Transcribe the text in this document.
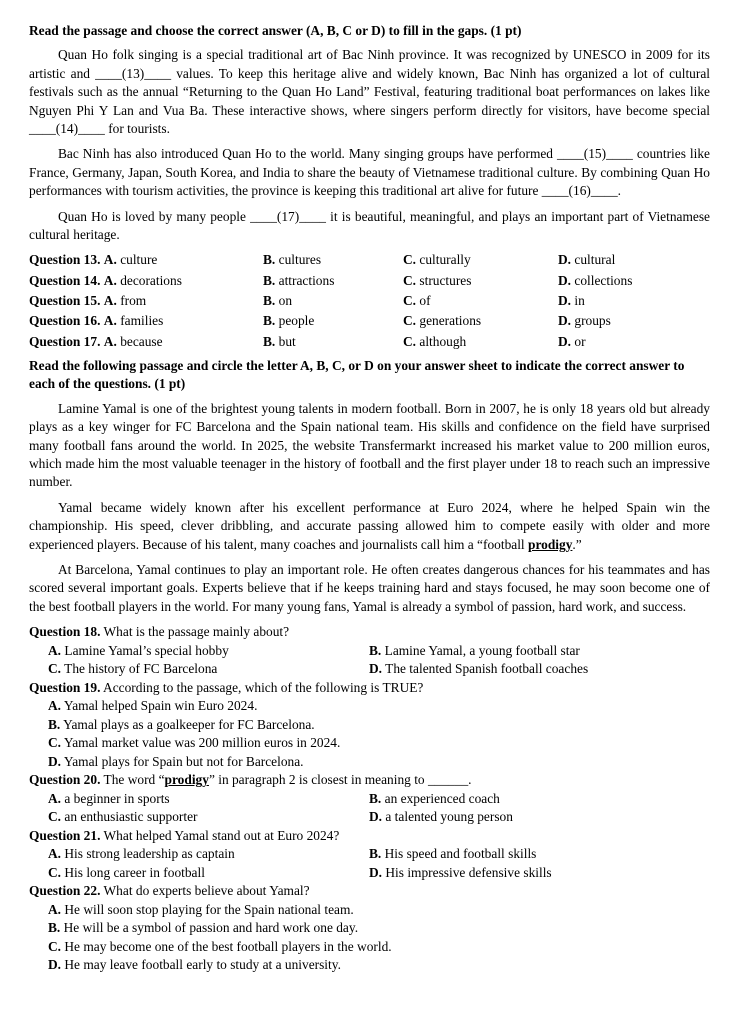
Read the passage and choose the correct answer (A, B, C or D) to fill in the gaps. (1 pt)

Quan Ho folk singing is a special traditional art of Bac Ninh province. It was recognized by UNESCO in 2009 for its artistic and ____(13)____ values. To keep this heritage alive and widely known, Bac Ninh has organized a lot of cultural festivals such as the annual “Returning to the Quan Ho Land” Festival, featuring traditional boat performances on lakes like Nguyen Phi Y Lan and Vua Ba. These interactive shows, where singers perform directly for visitors, have become special ____(14)____ for tourists.

Bac Ninh has also introduced Quan Ho to the world. Many singing groups have performed ____(15)____ countries like France, Germany, Japan, South Korea, and India to share the beauty of Vietnamese traditional culture. By combining Quan Ho performances with tourism activities, the province is keeping this traditional art alive for future ____(16)____.

Quan Ho is loved by many people ____(17)____ it is beautiful, meaningful, and plays an important part of Vietnamese cultural heritage.

Question 13. A. culture	B. cultures	C. culturally	D. cultural
Question 14. A. decorations	B. attractions	C. structures	D. collections
Question 15. A. from	B. on	C. of	D. in
Question 16. A. families	B. people	C. generations	D. groups
Question 17. A. because	B. but	C. although	D. or
Read the following passage and circle the letter A, B, C, or D on your answer sheet to indicate the correct answer to each of the questions. (1 pt)

Lamine Yamal is one of the brightest young talents in modern football. Born in 2007, he is only 18 years old but already plays as a key winger for FC Barcelona and the Spain national team. His skills and confidence on the field have surprised many football fans around the world. In 2025, the website Transfermarkt increased his market value to 200 million euros, which made him the most valuable teenager in the history of football and the first player under 18 to reach such an impressive number.

Yamal became widely known after his excellent performance at Euro 2024, where he helped Spain win the championship. His speed, clever dribbling, and accurate passing allowed him to compete easily with older and more experienced players. Because of his talent, many coaches and journalists call him a “football prodigy.”

At Barcelona, Yamal continues to play an important role. He often creates dangerous chances for his teammates and has scored several important goals. Experts believe that if he keeps training hard and stays focused, he may soon become one of the best football players in the world. For many young fans, Yamal is already a symbol of passion, hard work, and success.

Question 18. What is the passage mainly about?
A. Lamine Yamal’s special hobby	B. Lamine Yamal, a young football star
C. The history of FC Barcelona	D. The talented Spanish football coaches
Question 19. According to the passage, which of the following is TRUE?
A. Yamal helped Spain win Euro 2024.
B. Yamal plays as a goalkeeper for FC Barcelona.
C. Yamal market value was 200 million euros in 2024.
D. Yamal plays for Spain but not for Barcelona.
Question 20. The word “prodigy” in paragraph 2 is closest in meaning to ______.
A. a beginner in sports	B. an experienced coach
C. an enthusiastic supporter	D. a talented young person
Question 21. What helped Yamal stand out at Euro 2024?
A. His strong leadership as captain	B. His speed and football skills
C. His long career in football	D. His impressive defensive skills
Question 22. What do experts believe about Yamal?
A. He will soon stop playing for the Spain national team.
B. He will be a symbol of passion and hard work one day.
C. He may become one of the best football players in the world.
D. He may leave football early to study at a university.
